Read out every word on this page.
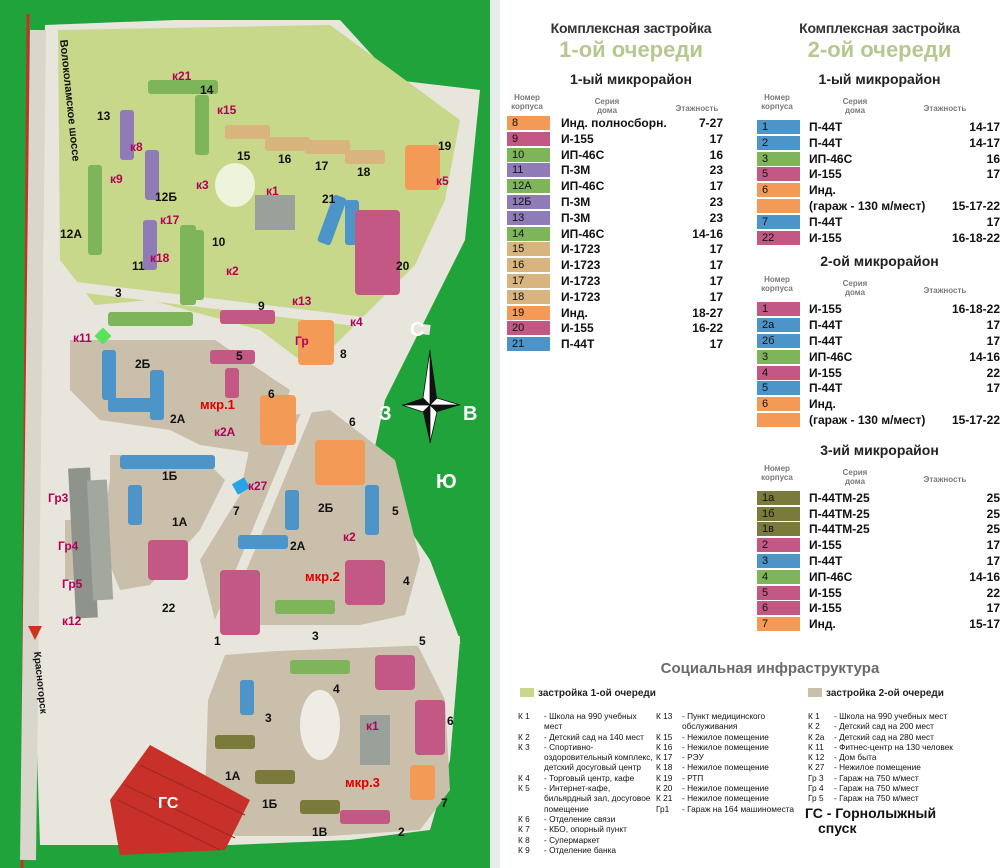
С
З	В
Ю
Волоколамское шоссе
Красногорск
мкр.1
мкр.2
мкр.3
ГС
14
13
15 16 17 18
19
21
20
12Б
12А
10
11
9
8
3
2Б
5
6
2А
1Б
1А
7
22
6
2Б
2А
5
4
3
1	5
4
3	6
7
1А
1Б
1В	2
к21
к15
к8
к9	к3	к1
к17
к18
к2
к13
к5
к4
Гр
к11
к2А
к27
к2
к1
Гр3
Гр4
Гр5
к12
Комплексная застройка
1-ой очереди
1-ый микрорайон
Номер корпуса
Серия дома	Этажность
8	Инд. полносборн.	7-27
9	И-155	17
10	ИП-46С	16
11	П-3М	23
12А	ИП-46С	17
12Б	П-3М	23
13	П-3М	23
14	ИП-46С	14-16
15	И-1723	17
16	И-1723	17
17	И-1723	17
18	И-1723	17
19	Инд.	18-27
20	И-155	16-22
21	П-44Т	17
Комплексная застройка
2-ой очереди
1-ый микрорайон
Номер корпуса
Серия дома	Этажность
1	П-44Т	14-17
2	П-44Т	14-17
3	ИП-46С	16
5	И-155	17
6	Инд.
(гараж - 130 м/мест) 15-17-22
7	П-44Т	17
22	И-155	16-18-22
2-ой микрорайон
Номер корпуса
Серия дома	Этажность
1	И-155	16-18-22
2а	П-44Т	17
2б	П-44Т	17
3	ИП-46С	14-16
4	И-155	22
5	П-44Т	17
6	Инд.
(гараж - 130 м/мест) 15-17-22
3-ий микрорайон
Номер корпуса
Серия дома	Этажность
1а	П-44ТМ-25	25
1б	П-44ТМ-25	25
1в	П-44ТМ-25	25
2	И-155	17
3	П-44Т	17
4	ИП-46С	14-16
5	И-155	22
6	И-155	17
7	Инд.	15-17
Социальная инфраструктура
застройка 1-ой очереди	застройка 2-ой очереди
К 1 - Школа на 990 учебных мест
К 2 - Детский сад на 140 мест
К 3 - Спортивно-оздоровительный комплекс, детский досуговый центр
К 4 - Торговый центр, кафе
К 5 - Интернет-кафе, бильярдный зал, досуговое помещение
К 6 - Отделение связи
К 7 - КБО, опорный пункт
К 8 - Супермаркет
К 9 - Отделение банка
К 13 - Пункт медицинского обслуживания
К 15 - Нежилое помещение
К 16 - Нежилое помещение
К 17 - РЭУ
К 18 - Нежилое помещение
К 19 - РТП
К 20 - Нежилое помещение
К 21 - Нежилое помещение
Гр1 - Гараж на 164 машиноместа
К 1 - Школа на 990 учебных мест
К 2 - Детский сад на 200 мест
К 2а - Детский сад на 280 мест
К 11 - Фитнес-центр на 130 человек
К 12 - Дом быта
К 27 - Нежилое помещение
Гр 3 - Гараж на 750 м/мест
Гр 4 - Гараж на 750 м/мест
Гр 5 - Гараж на 750 м/мест
ГС - Горнолыжный
спуск
